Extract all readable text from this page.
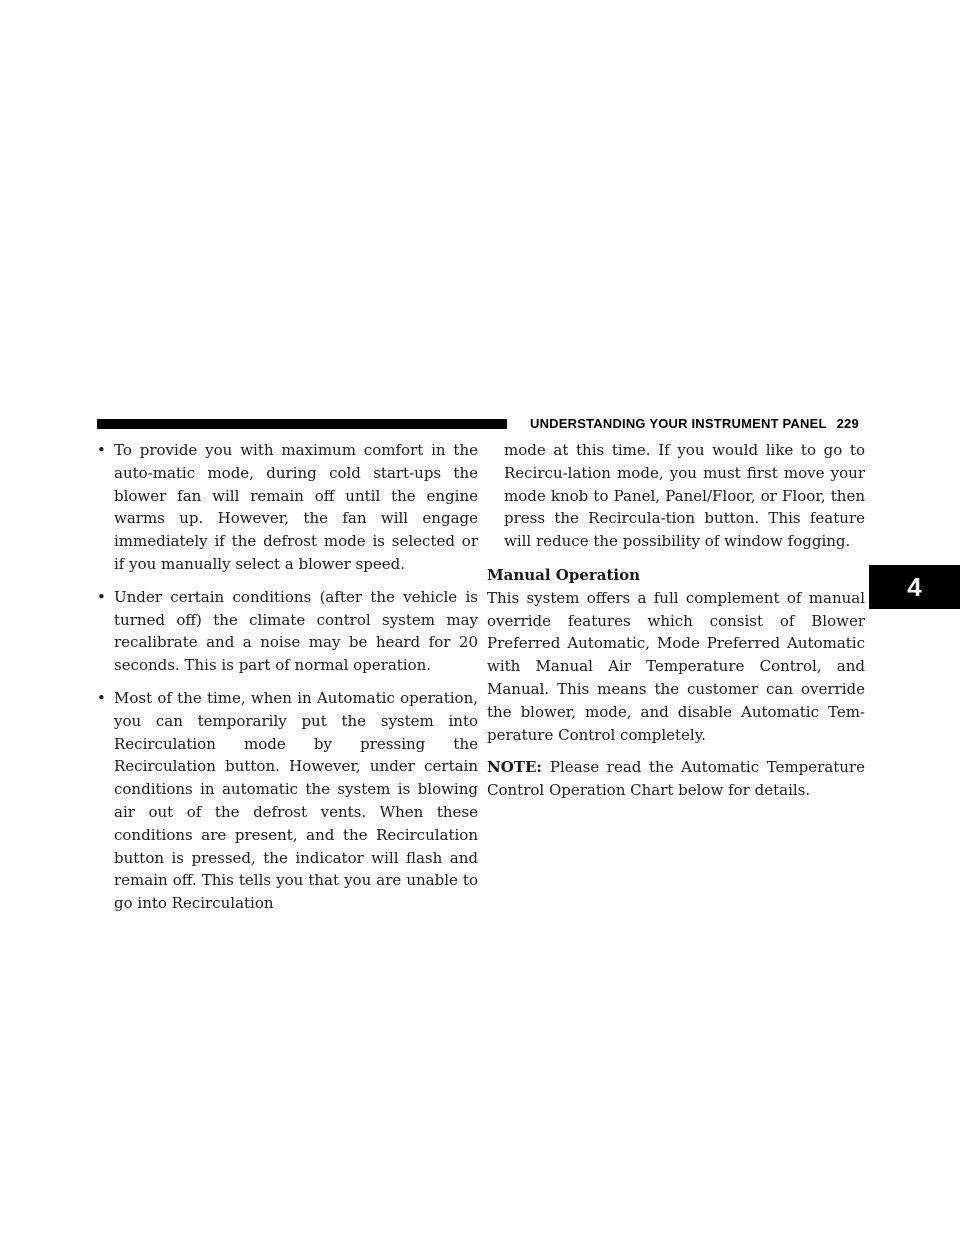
UNDERSTANDING YOUR INSTRUMENT PANEL 229
4
• To provide you with maximum comfort in the auto-matic mode, during cold start-ups the blower fan will remain off until the engine warms up. However, the fan will engage immediately if the defrost mode is selected or if you manually select a blower speed.
• Under certain conditions (after the vehicle is turned off) the climate control system may recalibrate and a noise may be heard for 20 seconds. This is part of normal operation.
• Most of the time, when in Automatic operation, you can temporarily put the system into Recirculation mode by pressing the Recirculation button. However, under certain conditions in automatic the system is blowing air out of the defrost vents. When these conditions are present, and the Recirculation button is pressed, the indicator will flash and remain off. This tells you that you are unable to go into Recirculation

mode at this time. If you would like to go to Recircu-lation mode, you must first move your mode knob to Panel, Panel/Floor, or Floor, then press the Recircula-tion button. This feature will reduce the possibility of window fogging.

Manual Operation

This system offers a full complement of manual override features which consist of Blower Preferred Automatic, Mode Preferred Automatic with Manual Air Temperature Control, and Manual. This means the customer can override the blower, mode, and disable Automatic Tem-perature Control completely.

NOTE: Please read the Automatic Temperature Control Operation Chart below for details.
